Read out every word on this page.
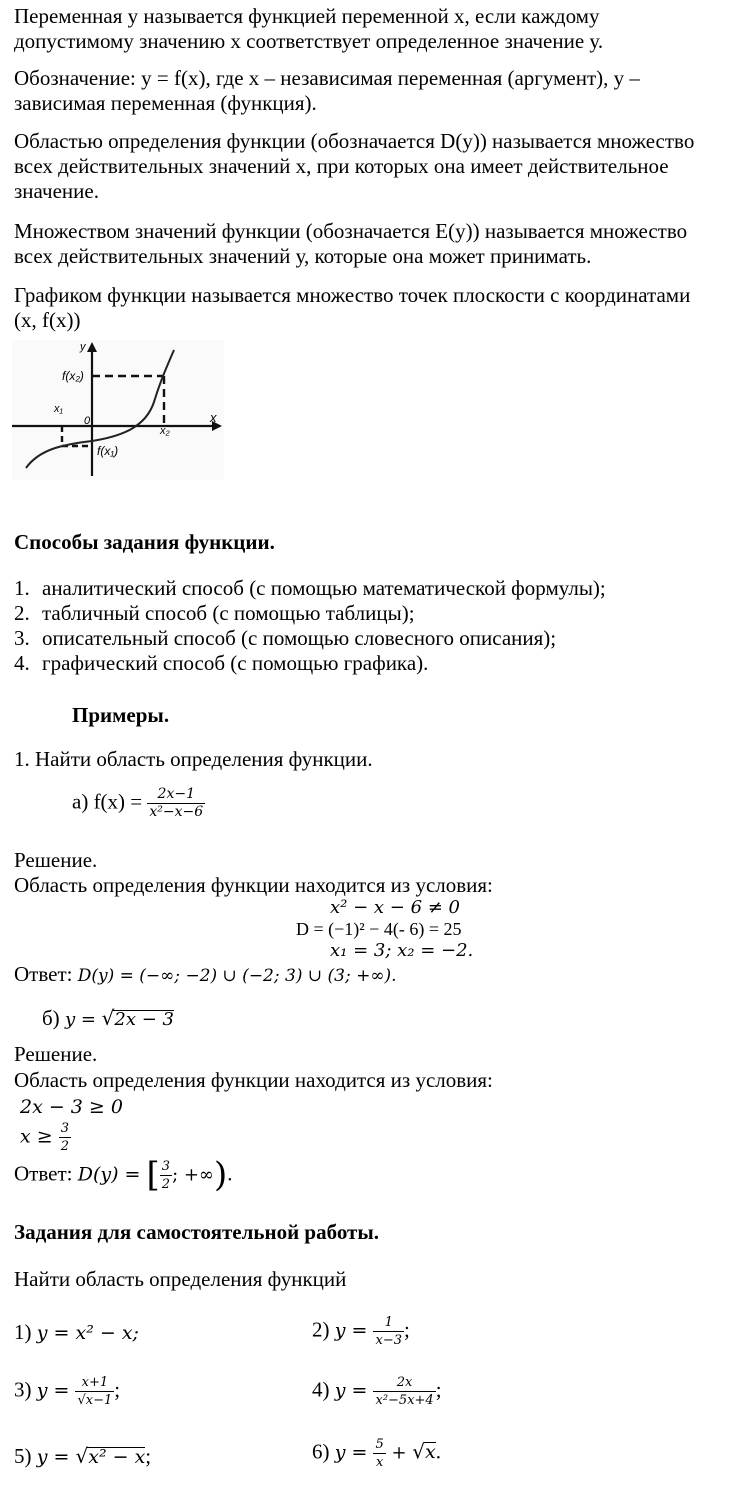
Переменная у называется функцией переменной х, если каждому
допустимому значению х соответствует определенное значение у.
Обозначение: у = f(x), где х – независимая переменная (аргумент), у –
зависимая переменная (функция).
Областью определения функции (обозначается D(y)) называется множество
всех действительных значений х, при которых она имеет действительное
значение.
Множеством значений функции (обозначается E(y)) называется множество
всех действительных значений у, которые она может принимать.
Графиком функции называется множество точек плоскости с координатами
(х, f(x))
y
x
0
f(x₂)
x₁
x₂
f(x₁)
Способы задания функции.
1. аналитический способ (с помощью математической формулы);
2. табличный способ (с помощью таблицы);
3. описательный способ (с помощью словесного описания);
4. графический способ (с помощью графика).
Примеры.
1. Найти область определения функции.
а) $f(x) = \frac{2x-1}{\text{x²−x−6}}$
Решение.
Область определения функции находится из условия:
x² − x − 6 ≠ 0
D = (−1)² − 4(- 6) = 25
x₁ = 3; x₂ = −2.
Ответ: D(y) = (−∞; −2) ∪ (−2; 3) ∪ (3; +∞).
б) y = √2x − 3
Решение.
Область определения функции находится из условия:
2x − 3 ≥ 0
$x \ge \frac{3}{2}$
Ответ: D(y) = [ $\frac{3}{2}$ ; +∞).
Задания для самостоятельной работы.
Найти область определения функций
1) y = x² − x;	2) $y = \frac{1}{x-3}$ ;
3) $y = \frac{x+1}{√x-1}$ ;	4) $y = \frac{2x}{\text{x²−5x+4}}$ ;
5) y = √x² − x;	6) $y = \frac{5}{x} + √x$.
